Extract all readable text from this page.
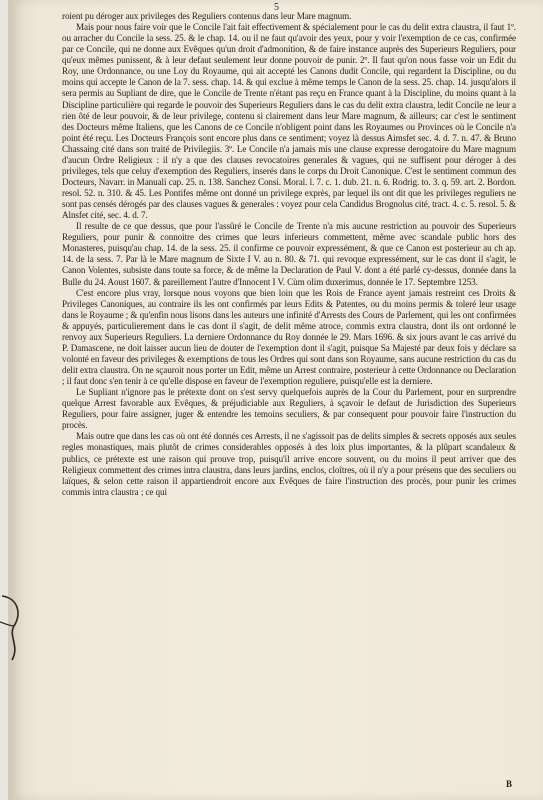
5

roient pu déroger aux privileges des Reguliers contenus dans leur Mare magnum.

Mais pour nous faire voir que le Concile l'ait fait effectivement & spécialement pour le cas du delit extra claustra, il faut 1º. ou arracher du Concile la sess. 25. & le chap. 14. ou il ne faut qu'avoir des yeux, pour y voir l'exemption de ce cas, confirmée par ce Concile, qui ne donne aux Evêques qu'un droit d'admonition, & de faire instance auprès des Superieurs Reguliers, pour qu'eux mêmes punissent, & à leur defaut seulement leur donne pouvoir de punir. 2º. Il faut qu'on nous fasse voir un Edit du Roy, une Ordonnance, ou une Loy du Royaume, qui ait accepté les Canons dudit Concile, qui regardent la Discipline, ou du moins qui accepte le Canon de la 7. sess. chap. 14. & qui exclue à même temps le Canon de la sess. 25. chap. 14. jusqu'alors il sera permis au Supliant de dire, que le Concile de Trente n'étant pas reçu en France quant à la Discipline, du moins quant à la Discipline particulière qui regarde le pouvoir des Superieurs Reguliers dans le cas du delit extra claustra, ledit Concile ne leur a rien ôté de leur pouvoir, & de leur privilege, contenu si clairement dans leur Mare magnum, & ailleurs; car c'est le sentiment des Docteurs même Italiens, que les Canons de ce Concile n'obligent point dans les Royaumes ou Provinces où le Concile n'a point été reçu. Les Docteurs François sont encore plus dans ce sentiment; voyez là dessus Aimsfet sec. 4. d. 7. n. 47. & Bruno Chassaing cité dans son traité de Privilegiis. 3º. Le Concile n'a jamais mis une clause expresse derogatoire du Mare magnum d'aucun Ordre Religieux : il n'y a que des clauses revocatoires generales & vagues, qui ne suffisent pour déroger à des privileges, tels que celuy d'exemption des Reguliers, inserés dans le corps du Droit Canonique. C'est le sentiment commun des Docteurs, Navarr. in Manuali cap. 25. n. 138. Sanchez Consi. Moral. l. 7. c. 1. dub. 21. n. 6. Rodrig. to. 3. q. 59. art. 2. Bordon. resol. 52. n. 310. & 45. Les Pontifes même ont donné un privilege exprès, par lequel ils ont dit que les privileges reguliers ne sont pas censés dérogés par des clauses vagues & generales : voyez pour cela Candidus Brognolus cité, tract. 4. c. 5. resol. 5. & Alnsfet cité, sec. 4. d. 7.

Il resulte de ce que dessus, que pour l'assûré le Concile de Trente n'a mis aucune restriction au pouvoir des Superieurs Reguliers, pour punir & connoitre des crimes que leurs inferieurs commettent, même avec scandale public hors des Monasteres, puisqu'au chap. 14. de la sess. 25. il confirme ce pouvoir expressément, & que ce Canon est posterieur au ch ap. 14. de la sess. 7. Par là le Mare magnum de Sixte I V. au n. 80. & 71. qui revoque expressément, sur le cas dont il s'agit, le Canon Volentes, subsiste dans toute sa force, & de même la Declaration de Paul V. dont a été parlé cy-dessus, donnée dans la Bulle du 24. Aoust 1607. & pareillement l'autre d'Innocent I V. Cùm olim duxerimus, donnée le 17. Septembre 1253.

C'est encore plus vray, lorsque nous voyons que bien loin que les Rois de France ayent jamais restreint ces Droits & Privileges Canoniques, au contraire ils les ont confirmés par leurs Edits & Patentes, ou du moins permis & toleré leur usage dans le Royaume ; & qu'enfin nous lisons dans les auteurs une infinité d'Arrests des Cours de Parlement, qui les ont confirmées & appuyés, particulierement dans le cas dont il s'agit, de delit même atroce, commis extra claustra, dont ils ont ordonné le renvoy aux Superieurs Reguliers. La derniere Ordonnance du Roy donnée le 29. Mars 1696. & six jours avant le cas arrivé du P. Damascene, ne doit laisser aucun lieu de douter de l'exemption dont il s'agit, puisque Sa Majesté par deux fois y déclare sa volonté en faveur des privileges & exemptions de tous les Ordres qui sont dans son Royaume, sans aucune restriction du cas du delit extra claustra. On ne sçauroit nous porter un Edit, même un Arrest contraire, posterieur à cette Ordonnance ou Declaration ; il faut donc s'en tenir à ce qu'elle dispose en faveur de l'exemption reguliere, puisqu'elle est la derniere.

Le Supliant n'ignore pas le prétexte dont on s'est servy quelquefois auprès de la Cour du Parlement, pour en surprendre quelque Arrest favorable aux Evêques, & préjudiciable aux Reguliers, à sçavoir le defaut de Jurisdiction des Superieurs Reguliers, pour faire assigner, juger & entendre les temoins seculiers, & par consequent pour pouvoir faire l'instruction du procès.

Mais outre que dans les cas où ont été donnés ces Arrests, il ne s'agissoit pas de delits simples & secrets opposés aux seules regles monastiques, mais plutôt de crimes considerables opposés à des loix plus importantes, & la plûpart scandaleux & publics, ce prétexte est une raison qui prouve trop, puisqu'il arrive encore souvent, ou du moins il peut arriver que des Religieux commettent des crimes intra claustra, dans leurs jardins, enclos, cloîtres, où il n'y a pour présens que des seculiers ou laïques, & selon cette raison il appartiendroit encore aux Evêques de faire l'instruction des procès, pour punir les crimes commis intra claustra ; ce qui

B
